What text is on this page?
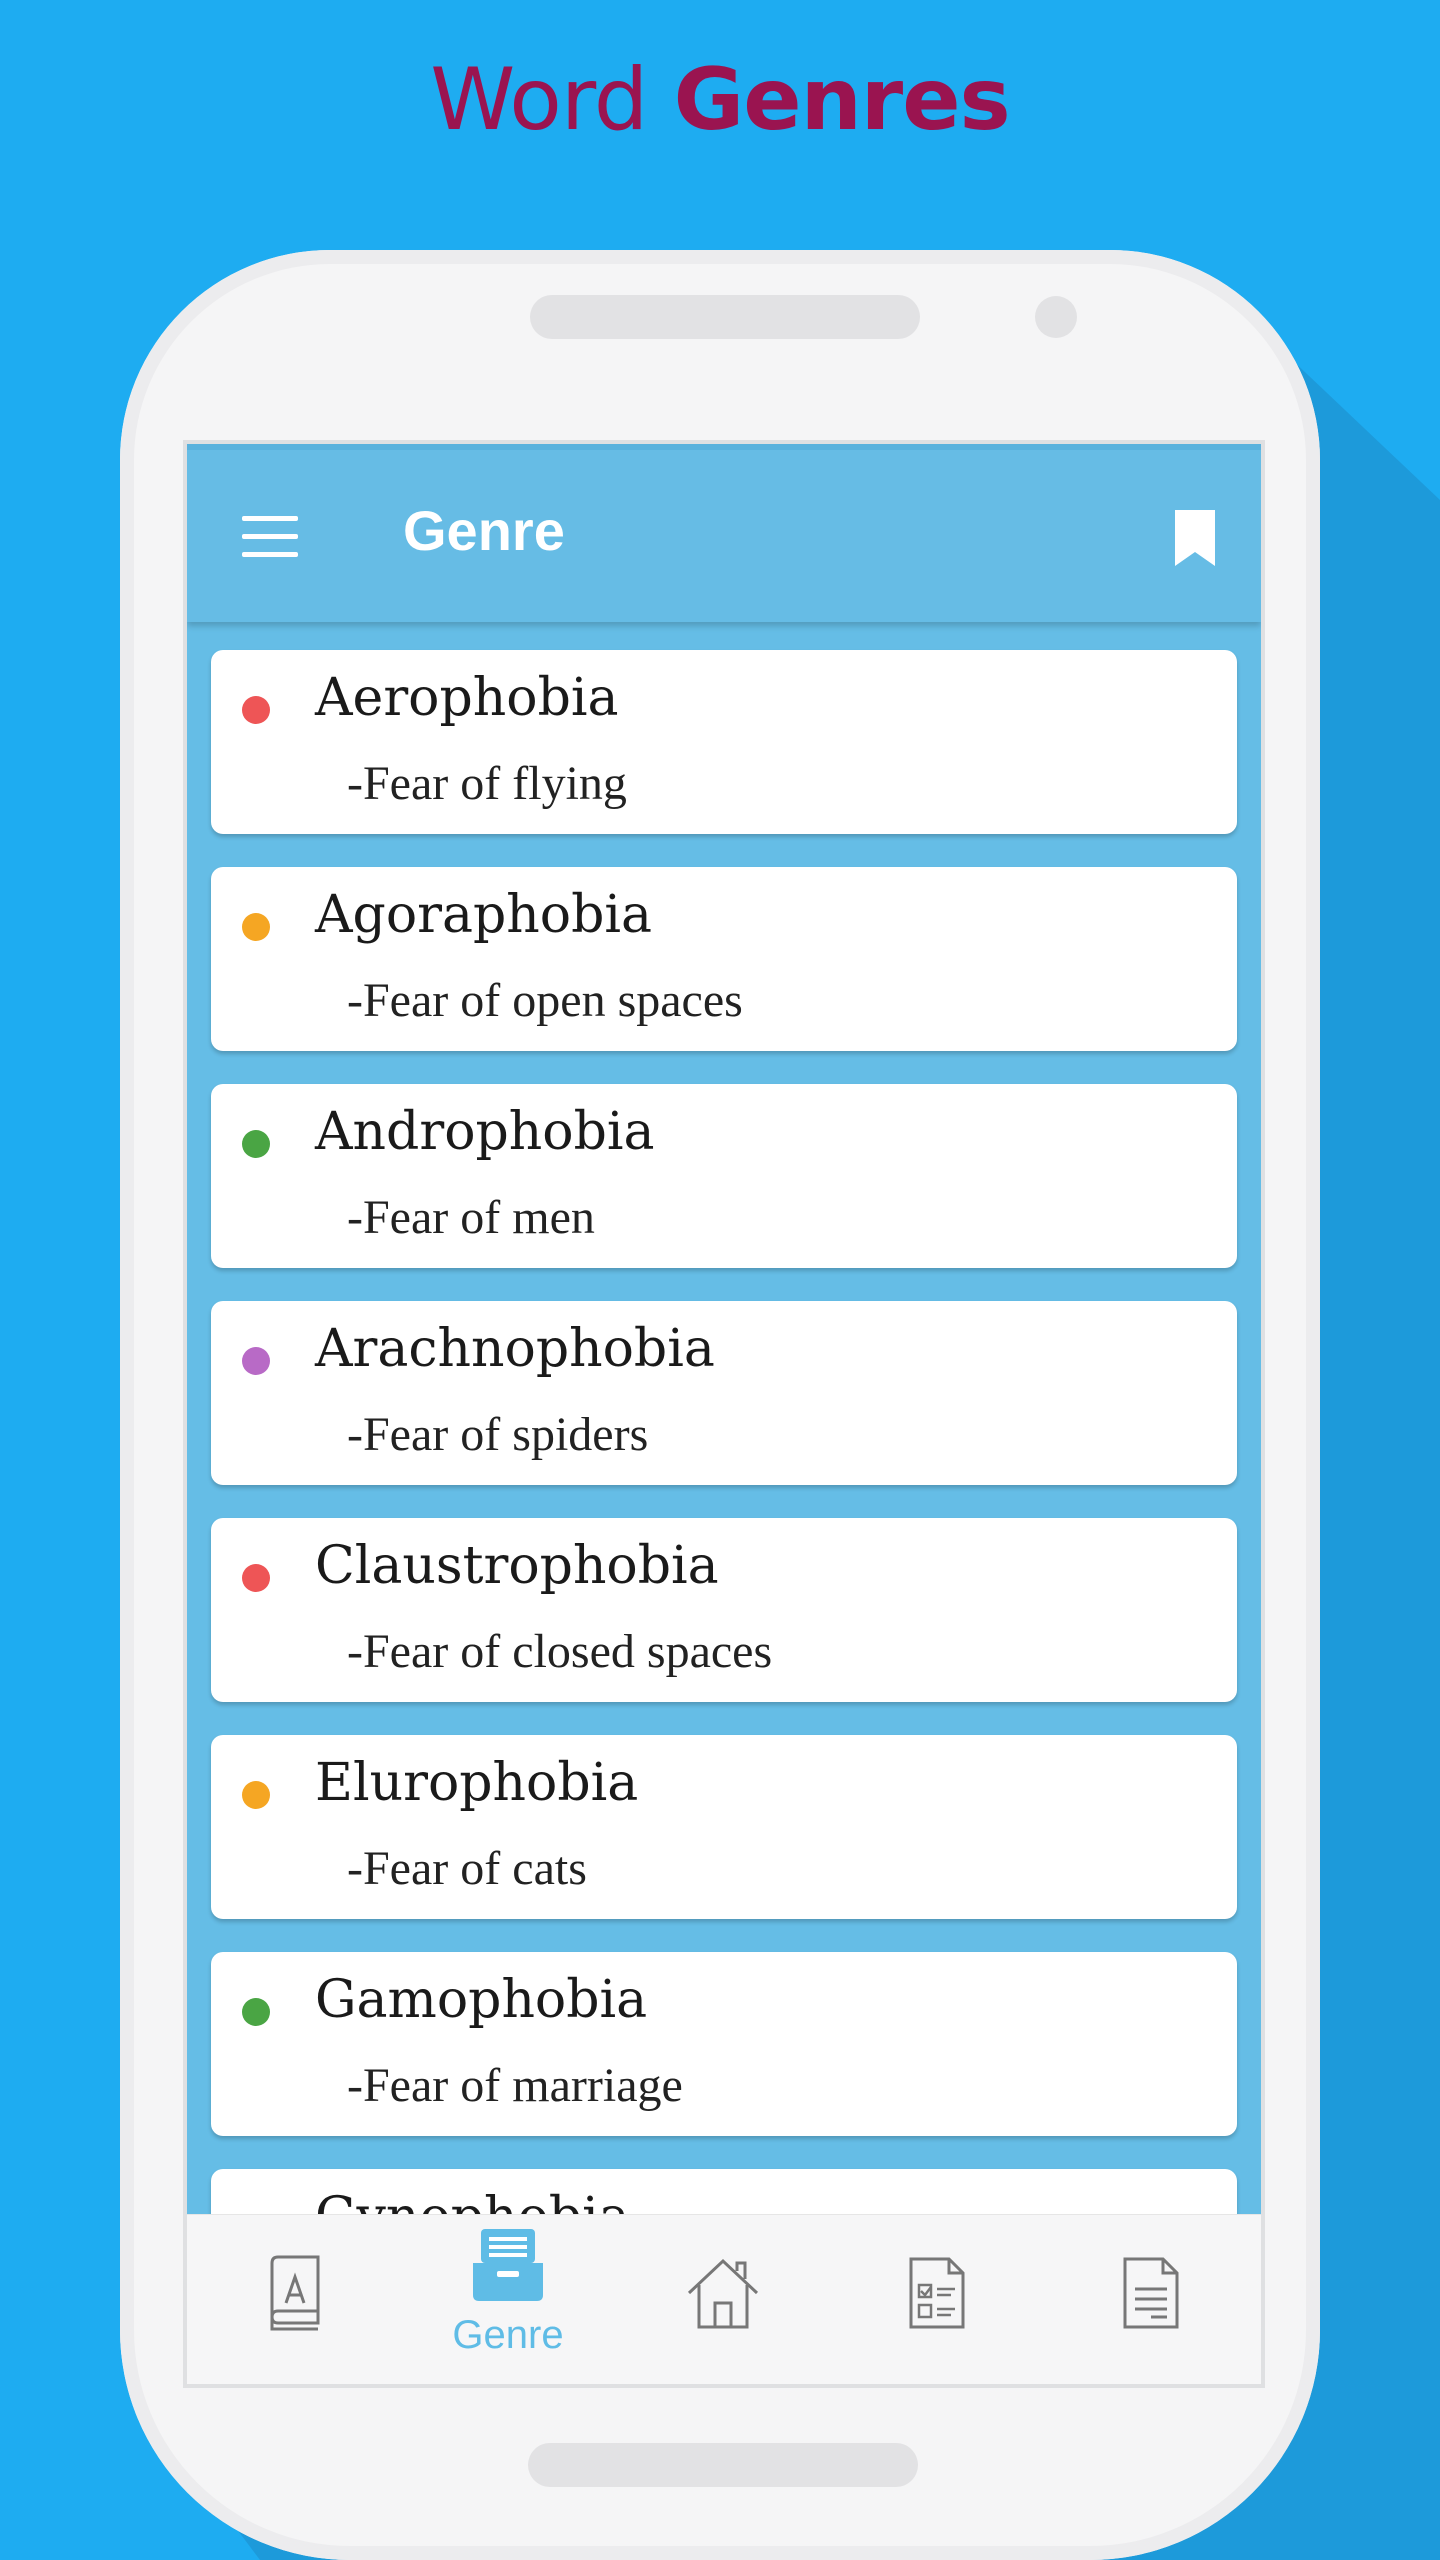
Word Genres
Genre
Aerophobia
-Fear of flying
Agoraphobia
-Fear of open spaces
Androphobia
-Fear of men
Arachnophobia
-Fear of spiders
Claustrophobia
-Fear of closed spaces
Elurophobia
-Fear of cats
Gamophobia
-Fear of marriage
Genre
